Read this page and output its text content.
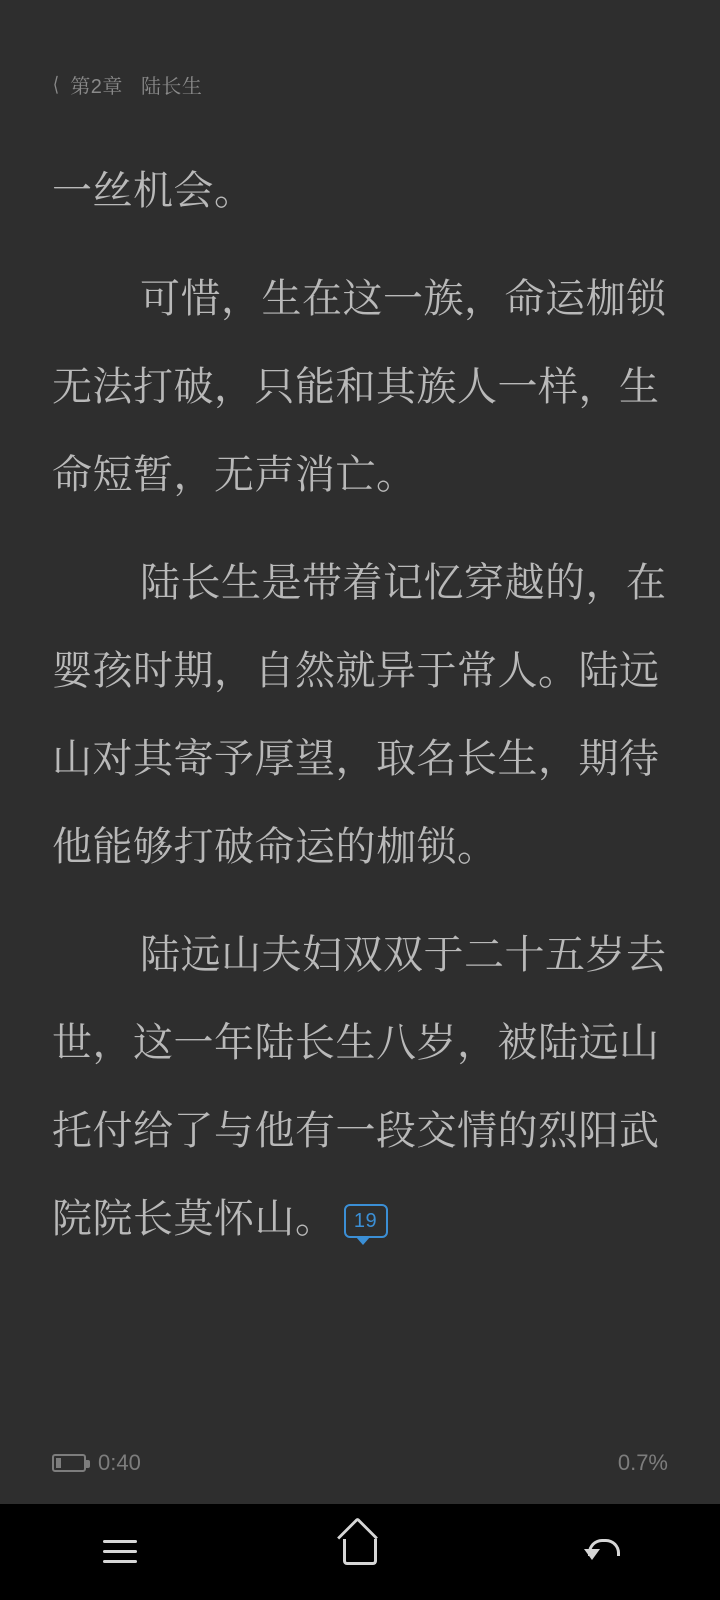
⟨ 第2章 陆长生

一丝机会。

可惜，生在这一族，命运枷锁无法打破，只能和其族人一样，生命短暂，无声消亡。

陆长生是带着记忆穿越的，在婴孩时期，自然就异于常人。陆远山对其寄予厚望，取名长生，期待他能够打破命运的枷锁。

陆远山夫妇双双于二十五岁去世，这一年陆长生八岁，被陆远山托付给了与他有一段交情的烈阳武院院长莫怀山。 19

0:40	0.7%
